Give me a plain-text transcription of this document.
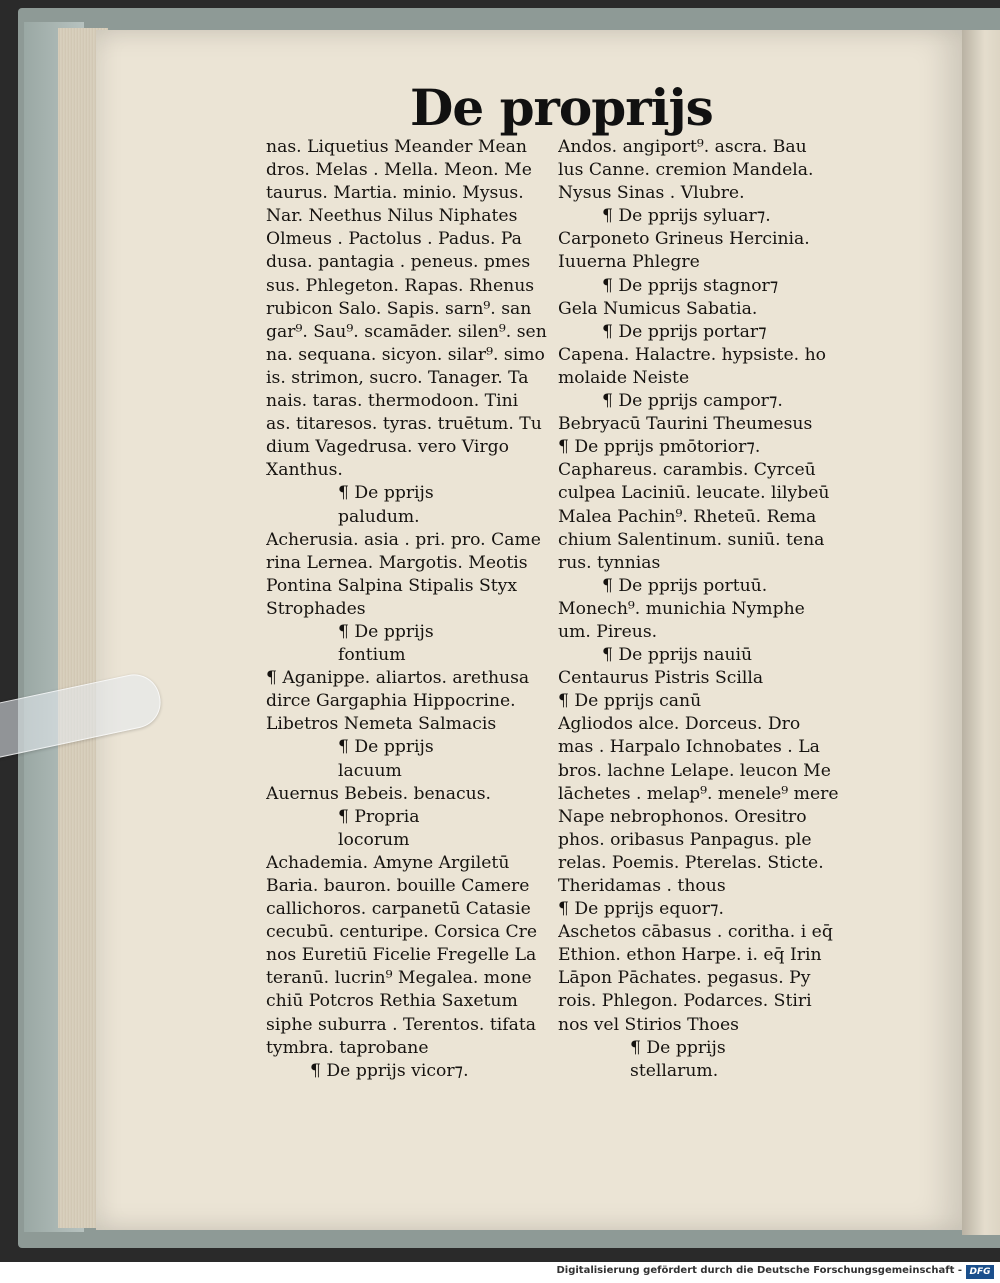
De proprijs
nas. Liquetius Meander Mean
dros. Melas . Mella. Meon. Me
taurus. Martia. minio. Mysus.
Nar. Neethus Nilus Niphates
Olmeus . Pactolus . Padus. Pa
dusa. pantagia . peneus. pmes
sus. Phlegeton. Rapas. Rhenus
rubicon Salo. Sapis. sarn⁹. san
gar⁹. Sau⁹. scamāder. silen⁹. sen
na. sequana. sicyon. silar⁹. simo
is. strimon, sucro. Tanager. Ta
nais. taras. thermodoon. Tini
as. titaresos. tyras. truētum. Tu
dium Vagedrusa. vero Virgo
Xanthus.
¶ De pprijs
paludum.
Acherusia. asia . pri. pro. Came
rina Lernea. Margotis. Meotis
Pontina Salpina Stipalis Styx
Strophades
¶ De pprijs
fontium
¶ Aganippe. aliartos. arethusa
dirce Gargaphia Hippocrine.
Libetros Nemeta Salmacis
¶ De pprijs
lacuum
Auernus Bebeis. benacus.
¶ Propria
locorum
Achademia. Amyne Argiletū
Baria. bauron. bouille Camere
callichoros. carpanetū Catasie
cecubū. centuripe. Corsica Cre
nos Euretiū Ficelie Fregelle La
teranū. lucrin⁹ Megalea. mone
chiū Potcros Rethia Saxetum
siphe suburra . Terentos. tifata
tymbra. taprobane
¶ De pprijs vicor⁊.
Andos. angiport⁹. ascra. Bau
lus Canne. cremion Mandela.
Nysus Sinas . Vlubre.
¶ De pprijs syluar⁊.
Carponeto Grineus Hercinia.
Iuuerna Phlegre
¶ De pprijs stagnor⁊
Gela Numicus Sabatia.
¶ De pprijs portar⁊
Capena. Halactre. hypsiste. ho
molaide Neiste
¶ De pprijs campor⁊.
Bebryacū Taurini Theumesus
¶ De pprijs pmōtorior⁊.
Caphareus. carambis. Cyrceū
culpea Laciniū. leucate. lilybeū
Malea Pachin⁹. Rheteū. Rema
chium Salentinum. suniū. tena
rus. tynnias
¶ De pprijs portuū.
Monech⁹. munichia Nymphe
um. Pireus.
¶ De pprijs nauiū
Centaurus Pistris Scilla
¶ De pprijs canū
Agliodos alce. Dorceus. Dro
mas . Harpalo Ichnobates . La
bros. lachne Lelape. leucon Me
lāchetes . melap⁹. menele⁹ mere
Nape nebrophonos. Oresitro
phos. oribasus Panpagus. ple
relas. Poemis. Pterelas. Sticte.
Theridamas . thous
¶ De pprijs equor⁊.
Aschetos cābasus . coritha. i eq̄
Ethion. ethon Harpe. i. eq̄ Irin
Lāpon Pāchates. pegasus. Py
rois. Phlegon. Podarces. Stiri
nos vel Stirios Thoes
¶ De pprijs
stellarum.
Digitalisierung gefördert durch die Deutsche Forschungsgemeinschaft - DFG
